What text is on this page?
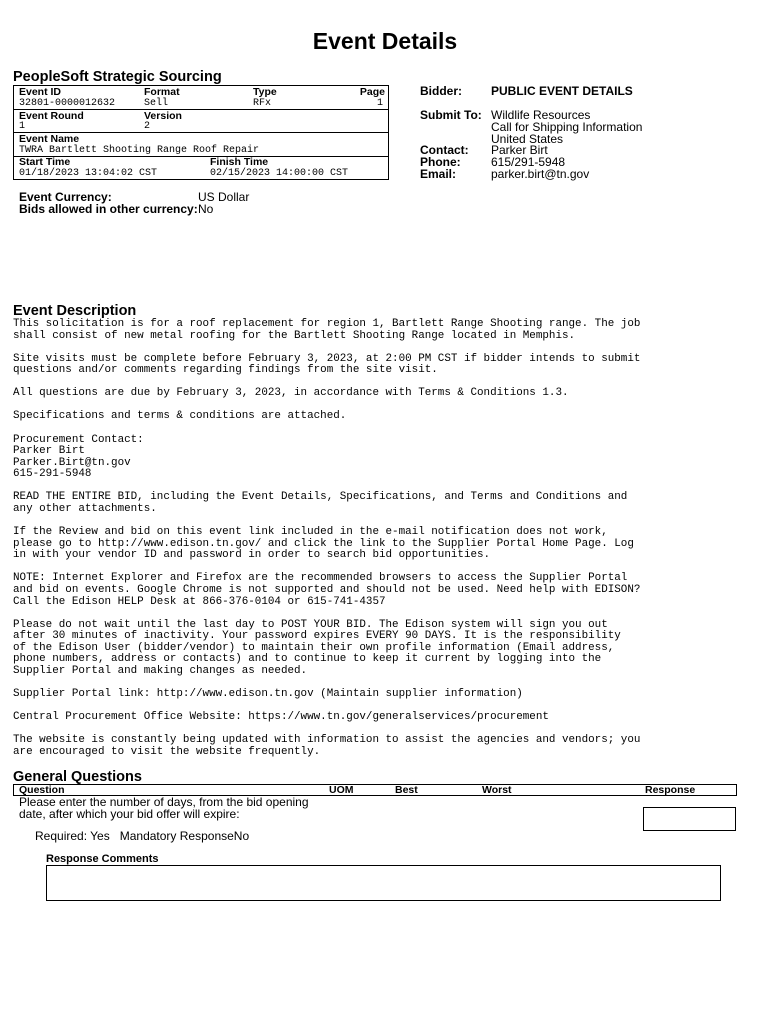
Event Details
PeopleSoft Strategic Sourcing
Event ID	Format	Type	Page
32801-0000012632	Sell	RFx	1
Event Round	Version
1	2
Event Name
TWRA Bartlett Shooting Range Roof Repair
Start Time	Finish Time
01/18/2023 13:04:02 CST	02/15/2023 14:00:00 CST
Bidder: PUBLIC EVENT DETAILS
Submit To: Wildlife Resources
Call for Shipping Information
United States
Contact: Parker Birt
Phone:	615/291-5948
Email:	parker.birt@tn.gov
Event Currency:	US Dollar
Bids allowed in other currency: No
Event Description

This solicitation is for a roof replacement for region 1, Bartlett Range Shooting range. The job
shall consist of new metal roofing for the Bartlett Shooting Range located in Memphis.

Site visits must be complete before February 3, 2023, at 2:00 PM CST if bidder intends to submit
questions and/or comments regarding findings from the site visit.

All questions are due by February 3, 2023, in accordance with Terms & Conditions 1.3.

Specifications and terms & conditions are attached.

Procurement Contact:
Parker Birt
Parker.Birt@tn.gov
615-291-5948

READ THE ENTIRE BID, including the Event Details, Specifications, and Terms and Conditions and
any other attachments.

If the Review and bid on this event link included in the e-mail notification does not work,
please go to http://www.edison.tn.gov/ and click the link to the Supplier Portal Home Page. Log
in with your vendor ID and password in order to search bid opportunities.

NOTE: Internet Explorer and Firefox are the recommended browsers to access the Supplier Portal
and bid on events. Google Chrome is not supported and should not be used. Need help with EDISON?
Call the Edison HELP Desk at 866-376-0104 or 615-741-4357

Please do not wait until the last day to POST YOUR BID. The Edison system will sign you out
after 30 minutes of inactivity. Your password expires EVERY 90 DAYS. It is the responsibility
of the Edison User (bidder/vendor) to maintain their own profile information (Email address,
phone numbers, address or contacts) and to continue to keep it current by logging into the
Supplier Portal and making changes as needed.

Supplier Portal link: http://www.edison.tn.gov (Maintain supplier information)

Central Procurement Office Website: https://www.tn.gov/generalservices/procurement

The website is constantly being updated with information to assist the agencies and vendors; you
are encouraged to visit the website frequently.

General Questions
Question	UOM	Best	Worst	Response
Please enter the number of days, from the bid opening date, after which your bid offer will expire:
Required: Yes   Mandatory ResponseNo
Response Comments
